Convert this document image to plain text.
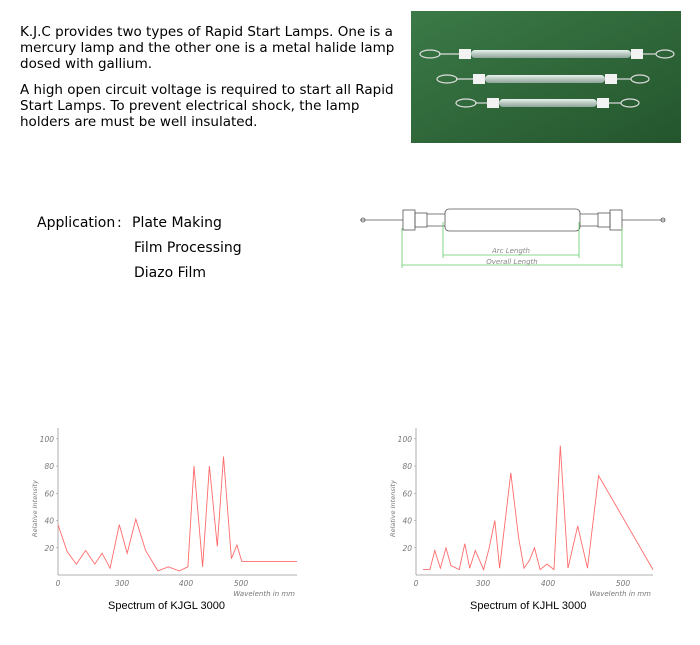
K.J.C provides two types of Rapid Start Lamps. One is a mercury lamp and the other one is a metal halide lamp dosed with gallium.
A high open circuit voltage is required to start all Rapid Start Lamps. To prevent electrical shock, the lamp holders are must be well insulated.
Application : Plate Making
Film Processing
Diazo Film
Arc Length
Overall Length
20
40
60
80
100
0	300	400	500
Relative Intensity
Wavelenth in mm
Spectrum of KJGL 3000
20
40
60
80
100
0	300	400	500
Relative Intensity
Wavelenth in mm
Spectrum of KJHL 3000
